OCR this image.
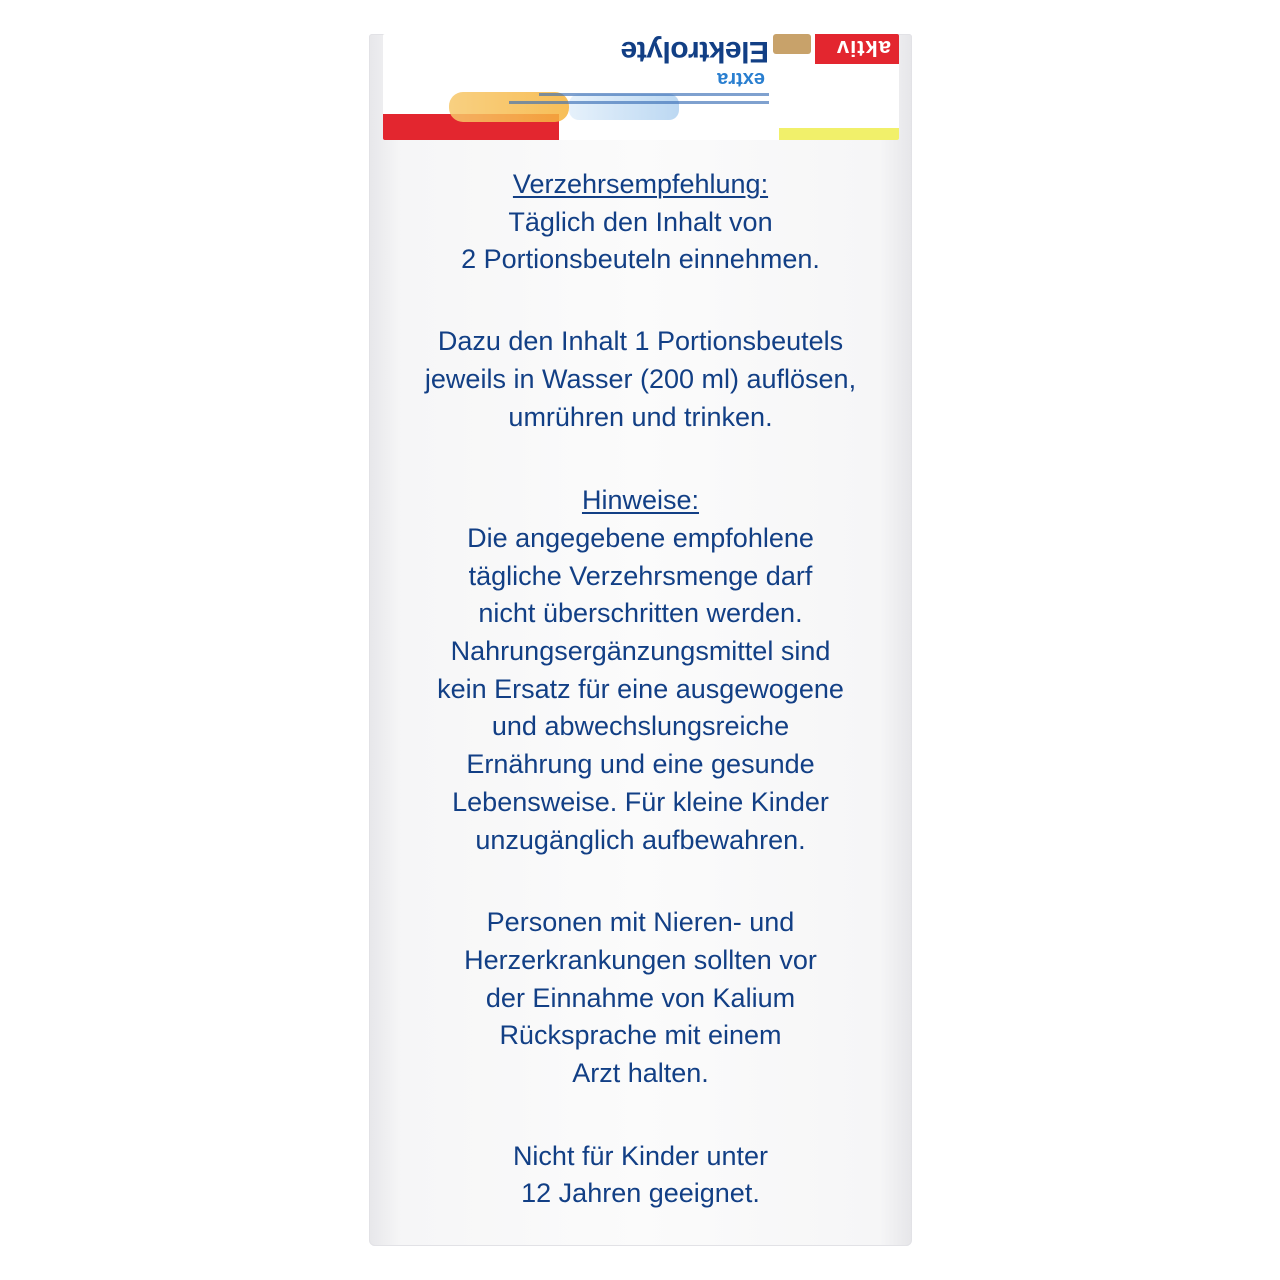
extra
Elektrolyte	aktiv
Verzehrsempfehlung:
Täglich den Inhalt von
2 Portionsbeuteln einnehmen.
Dazu den Inhalt 1 Portionsbeutels
jeweils in Wasser (200 ml) auflösen,
umrühren und trinken.
Hinweise:
Die angegebene empfohlene
tägliche Verzehrsmenge darf
nicht überschritten werden.
Nahrungsergänzungsmittel sind
kein Ersatz für eine ausgewogene
und abwechslungsreiche
Ernährung und eine gesunde
Lebensweise. Für kleine Kinder
unzugänglich aufbewahren.
Personen mit Nieren- und
Herzerkrankungen sollten vor
der Einnahme von Kalium
Rücksprache mit einem
Arzt halten.
Nicht für Kinder unter
12 Jahren geeignet.
